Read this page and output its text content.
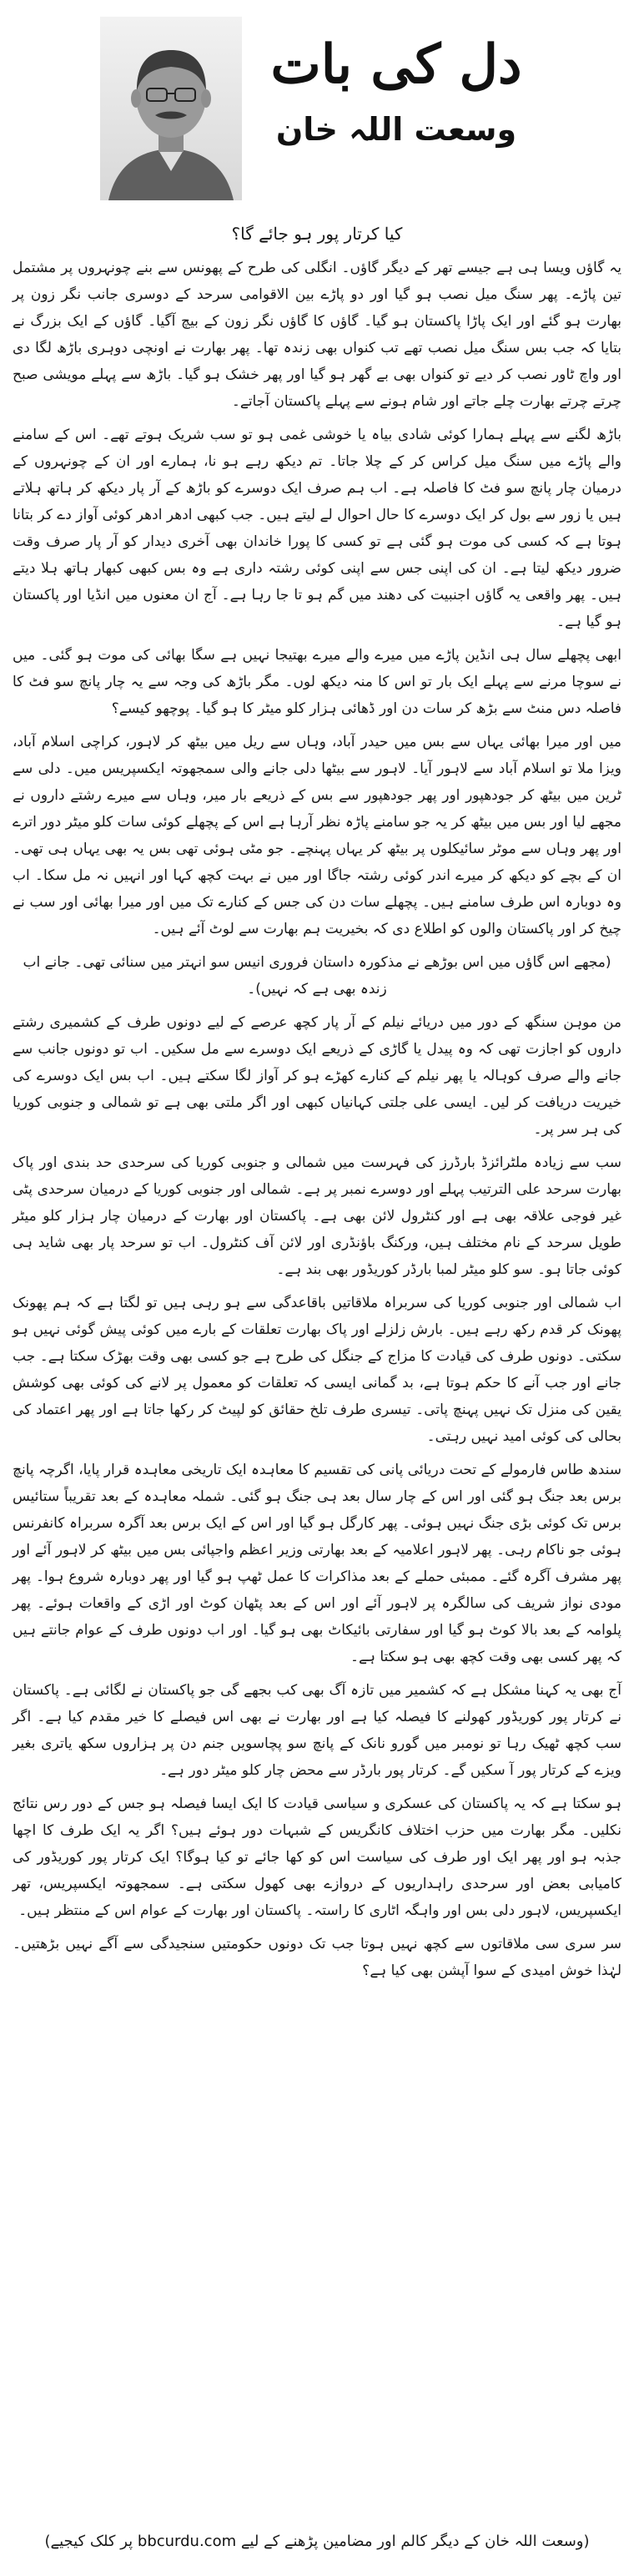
دل کی بات
وسعت اللہ خان
کیا کرتار پور ہو جائے گا؟

یہ گاؤں ویسا ہی ہے جیسے تھر کے دیگر گاؤں۔ انگلی کی طرح کے پھونس سے بنے چونہروں پر مشتمل تین پاڑے۔ پھر سنگ میل نصب ہو گیا اور دو پاڑے بین الاقوامی سرحد کے دوسری جانب نگر زون پر بھارت ہو گئے اور ایک پاڑا پاکستان ہو گیا۔ گاؤں کا گاؤں نگر زون کے بیچ آگیا۔ گاؤں کے ایک بزرگ نے بتایا کہ جب بس سنگ میل نصب تھے تب کنواں بھی زندہ تھا۔ پھر بھارت نے اونچی دوہری باڑھ لگا دی اور واچ ٹاور نصب کر دیے تو کنواں بھی بے گھر ہو گیا اور پھر خشک ہو گیا۔ باڑھ سے پہلے مویشی صبح چرتے چرتے بھارت چلے جاتے اور شام ہونے سے پہلے پاکستان آجاتے۔

باڑھ لگنے سے پہلے ہمارا کوئی شادی بیاہ یا خوشی غمی ہو تو سب شریک ہوتے تھے۔ اس کے سامنے والے پاڑے میں سنگ میل کراس کر کے چلا جاتا۔ تم دیکھ رہے ہو نا، ہمارے اور ان کے چونہروں کے درمیان چار پانچ سو فٹ کا فاصلہ ہے۔ اب ہم صرف ایک دوسرے کو باڑھ کے آر پار دیکھ کر ہاتھ ہلاتے ہیں یا زور سے بول کر ایک دوسرے کا حال احوال لے لیتے ہیں۔ جب کبھی ادھر ادھر کوئی آواز دے کر بتانا ہوتا ہے کہ کسی کی موت ہو گئی ہے تو کسی کا پورا خاندان بھی آخری دیدار کو آر پار صرف وقت ضرور دیکھ لیتا ہے۔ ان کی اپنی جس سے اپنی کوئی رشتہ داری ہے وہ بس کبھی کبھار ہاتھ ہلا دیتے ہیں۔ پھر واقعی یہ گاؤں اجنبیت کی دھند میں گم ہو تا جا رہا ہے۔ آج ان معنوں میں انڈیا اور پاکستان ہو گیا ہے۔

ابھی پچھلے سال ہی انڈین پاڑے میں میرے والے میرے بھتیجا نہیں ہے سگا بھائی کی موت ہو گئی۔ میں نے سوچا مرنے سے پہلے ایک بار تو اس کا منہ دیکھ لوں۔ مگر باڑھ کی وجہ سے یہ چار پانچ سو فٹ کا فاصلہ دس منٹ سے بڑھ کر سات دن اور ڈھائی ہزار کلو میٹر کا ہو گیا۔ پوچھو کیسے؟

میں اور میرا بھائی یہاں سے بس میں حیدر آباد، وہاں سے ریل میں بیٹھ کر لاہور، کراچی اسلام آباد، ویزا ملا تو اسلام آباد سے لاہور آیا۔ لاہور سے بیٹھا دلی جانے والی سمجھوتہ ایکسپریس میں۔ دلی سے ٹرین میں بیٹھ کر جودھپور اور پھر جودھپور سے بس کے ذریعے بار میر، وہاں سے میرے رشتے داروں نے مجھے لیا اور بس میں بیٹھ کر یہ جو سامنے پاڑہ نظر آرہا ہے اس کے پچھلے کوئی سات کلو میٹر دور اترے اور پھر وہاں سے موٹر سائیکلوں پر بیٹھ کر یہاں پہنچے۔ جو مٹی ہوئی تھی بس یہ بھی یہاں ہی تھی۔ ان کے بچے کو دیکھ کر میرے اندر کوئی رشتہ جاگا اور میں نے بہت کچھ کہا اور انہیں نہ مل سکا۔ اب وہ دوبارہ اس طرف سامنے ہیں۔ پچھلے سات دن کی جس کے کنارے تک میں اور میرا بھائی اور سب نے چیخ کر اور پاکستان والوں کو اطلاع دی کہ بخیریت ہم بھارت سے لوٹ آئے ہیں۔

(مجھے اس گاؤں میں اس بوڑھے نے مذکورہ داستان فروری انیس سو انہتر میں سنائی تھی۔ جانے اب زندہ بھی ہے کہ نہیں)۔

من موہن سنگھ کے دور میں دریائے نیلم کے آر پار کچھ عرصے کے لیے دونوں طرف کے کشمیری رشتے داروں کو اجازت تھی کہ وہ پیدل یا گاڑی کے ذریعے ایک دوسرے سے مل سکیں۔ اب تو دونوں جانب سے جانے والے صرف کوہالہ یا پھر نیلم کے کنارے کھڑے ہو کر آواز لگا سکتے ہیں۔ اب بس ایک دوسرے کی خیریت دریافت کر لیں۔ ایسی علی جلتی کہانیاں کبھی اور اگر ملتی بھی ہے تو شمالی و جنوبی کوریا کی ہر سر پر۔

سب سے زیادہ ملٹرائزڈ بارڈرز کی فہرست میں شمالی و جنوبی کوریا کی سرحدی حد بندی اور پاک بھارت سرحد علی الترتیب پہلے اور دوسرے نمبر پر ہے۔ شمالی اور جنوبی کوریا کے درمیان سرحدی پٹی غیر فوجی علاقہ بھی ہے اور کنٹرول لائن بھی ہے۔ پاکستان اور بھارت کے درمیان چار ہزار کلو میٹر طویل سرحد کے نام مختلف ہیں، ورکنگ باؤنڈری اور لائن آف کنٹرول۔ اب تو سرحد پار بھی شاید ہی کوئی جاتا ہو۔ سو کلو میٹر لمبا بارڈر کوریڈور بھی بند ہے۔

اب شمالی اور جنوبی کوریا کی سربراہ ملاقاتیں باقاعدگی سے ہو رہی ہیں تو لگتا ہے کہ ہم پھونک پھونک کر قدم رکھ رہے ہیں۔ بارش زلزلے اور پاک بھارت تعلقات کے بارے میں کوئی پیش گوئی نہیں ہو سکتی۔ دونوں طرف کی قیادت کا مزاج کے جنگل کی طرح ہے جو کسی بھی وقت بھڑک سکتا ہے۔ جب جانے اور جب آنے کا حکم ہوتا ہے، بد گمانی ایسی کہ تعلقات کو معمول پر لانے کی کوئی بھی کوشش یقین کی منزل تک نہیں پہنچ پاتی۔ تیسری طرف تلخ حقائق کو لپیٹ کر رکھا جاتا ہے اور پھر اعتماد کی بحالی کی کوئی امید نہیں رہتی۔

سندھ طاس فارمولے کے تحت دریائی پانی کی تقسیم کا معاہدہ ایک تاریخی معاہدہ قرار پایا، اگرچہ پانچ برس بعد جنگ ہو گئی اور اس کے چار سال بعد ہی جنگ ہو گئی۔ شملہ معاہدہ کے بعد تقریباً ستائیس برس تک کوئی بڑی جنگ نہیں ہوئی۔ پھر کارگل ہو گیا اور اس کے ایک برس بعد آگرہ سربراہ کانفرنس ہوئی جو ناکام رہی۔ پھر لاہور اعلامیہ کے بعد بھارتی وزیر اعظم واجپائی بس میں بیٹھ کر لاہور آئے اور پھر مشرف آگرہ گئے۔ ممبئی حملے کے بعد مذاکرات کا عمل ٹھپ ہو گیا اور پھر دوبارہ شروع ہوا۔ پھر مودی نواز شریف کی سالگرہ پر لاہور آئے اور اس کے بعد پٹھان کوٹ اور اڑی کے واقعات ہوئے۔ پھر پلوامہ کے بعد بالا کوٹ ہو گیا اور سفارتی بائیکاٹ بھی ہو گیا۔ اور اب دونوں طرف کے عوام جانتے ہیں کہ پھر کسی بھی وقت کچھ بھی ہو سکتا ہے۔

آج بھی یہ کہنا مشکل ہے کہ کشمیر میں تازہ آگ بھی کب بجھے گی جو پاکستان نے لگائی ہے۔ پاکستان نے کرتار پور کوریڈور کھولنے کا فیصلہ کیا ہے اور بھارت نے بھی اس فیصلے کا خیر مقدم کیا ہے۔ اگر سب کچھ ٹھیک رہا تو نومبر میں گورو نانک کے پانچ سو پچاسویں جنم دن پر ہزاروں سکھ یاتری بغیر ویزے کے کرتار پور آ سکیں گے۔ کرتار پور بارڈر سے محض چار کلو میٹر دور ہے۔

ہو سکتا ہے کہ یہ پاکستان کی عسکری و سیاسی قیادت کا ایک ایسا فیصلہ ہو جس کے دور رس نتائج نکلیں۔ مگر بھارت میں حزب اختلاف کانگریس کے شبہات دور ہوئے ہیں؟ اگر یہ ایک طرف کا اچھا جذبہ ہو اور پھر ایک اور طرف کی سیاست اس کو کھا جائے تو کیا ہوگا؟ ایک کرتار پور کوریڈور کی کامیابی بعض اور سرحدی راہداریوں کے دروازے بھی کھول سکتی ہے۔ سمجھوتہ ایکسپریس، تھر ایکسپریس، لاہور دلی بس اور واہگہ اٹاری کا راستہ۔ پاکستان اور بھارت کے عوام اس کے منتظر ہیں۔

سر سری سی ملاقاتوں سے کچھ نہیں ہوتا جب تک دونوں حکومتیں سنجیدگی سے آگے نہیں بڑھتیں۔ لہٰذا خوش امیدی کے سوا آپشن بھی کیا ہے؟

(وسعت اللہ خان کے دیگر کالم اور مضامین پڑھنے کے لیے bbcurdu.com پر کلک کیجیے)
